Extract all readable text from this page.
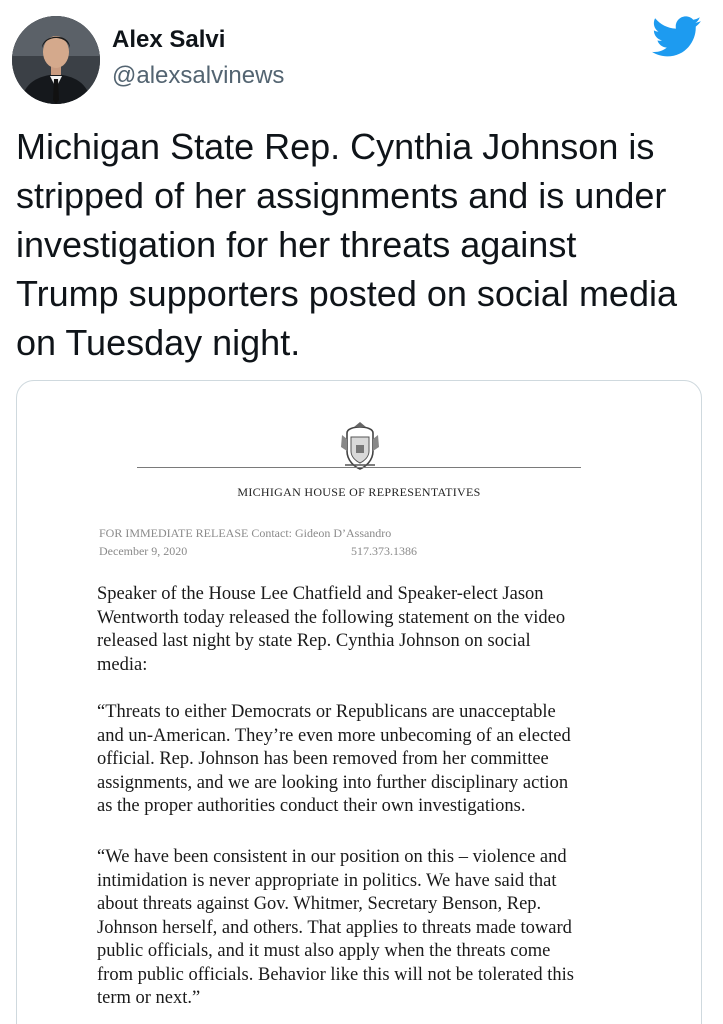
Alex Salvi
@alexsalvinews
Michigan State Rep. Cynthia Johnson is
stripped of her assignments and is under
investigation for her threats against
Trump supporters posted on social media
on Tuesday night.
MICHIGAN HOUSE OF REPRESENTATIVES
FOR IMMEDIATE RELEASE Contact: Gideon D’Assandro
December 9, 2020	517.373.1386
Speaker of the House Lee Chatfield and Speaker-elect Jason
Wentworth today released the following statement on the video
released last night by state Rep. Cynthia Johnson on social
media:
“Threats to either Democrats or Republicans are unacceptable
and un-American. They’re even more unbecoming of an elected
official. Rep. Johnson has been removed from her committee
assignments, and we are looking into further disciplinary action
as the proper authorities conduct their own investigations.
“We have been consistent in our position on this – violence and
intimidation is never appropriate in politics. We have said that
about threats against Gov. Whitmer, Secretary Benson, Rep.
Johnson herself, and others. That applies to threats made toward
public officials, and it must also apply when the threats come
from public officials. Behavior like this will not be tolerated this
term or next.”
